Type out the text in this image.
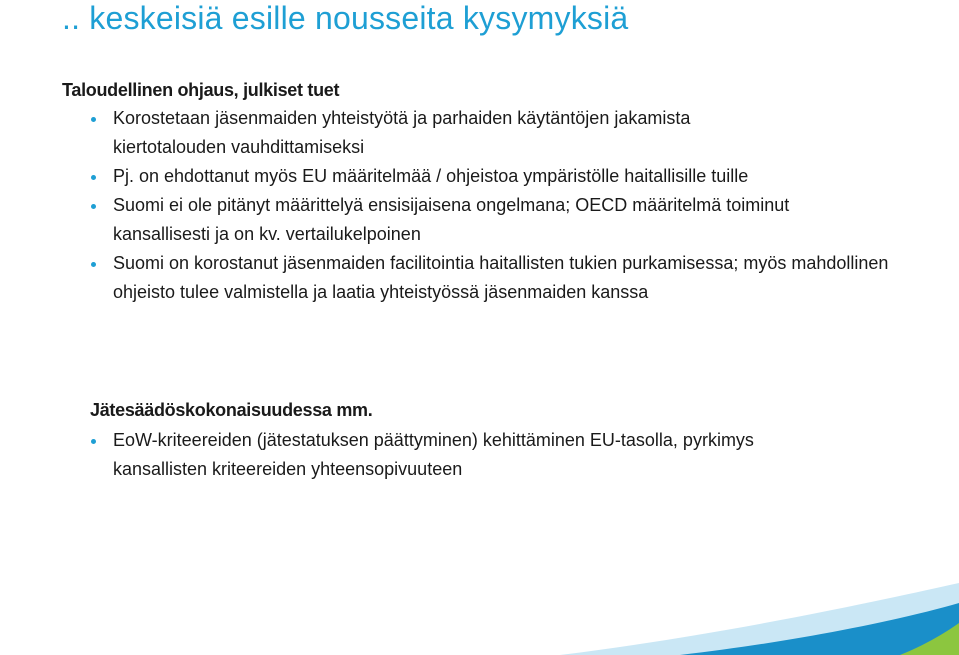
.. keskeisiä esille nousseita kysymyksiä
Taloudellinen ohjaus, julkiset tuet
Korostetaan jäsenmaiden yhteistyötä ja parhaiden käytäntöjen jakamista kiertotalouden vauhdittamiseksi
Pj. on ehdottanut myös EU määritelmää / ohjeistoa ympäristölle haitallisille tuille
Suomi ei ole pitänyt määrittelyä ensisijaisena ongelmana; OECD määritelmä toiminut kansallisesti ja on kv. vertailukelpoinen
Suomi on korostanut jäsenmaiden facilitointia haitallisten tukien purkamisessa; myös mahdollinen ohjeisto tulee valmistella ja laatia yhteistyössä jäsenmaiden kanssa
Jätesäädöskokonaisuudessa mm.
EoW-kriteereiden (jätestatuksen päättyminen) kehittäminen EU-tasolla, pyrkimys kansallisten kriteereiden yhteensopivuuteen
